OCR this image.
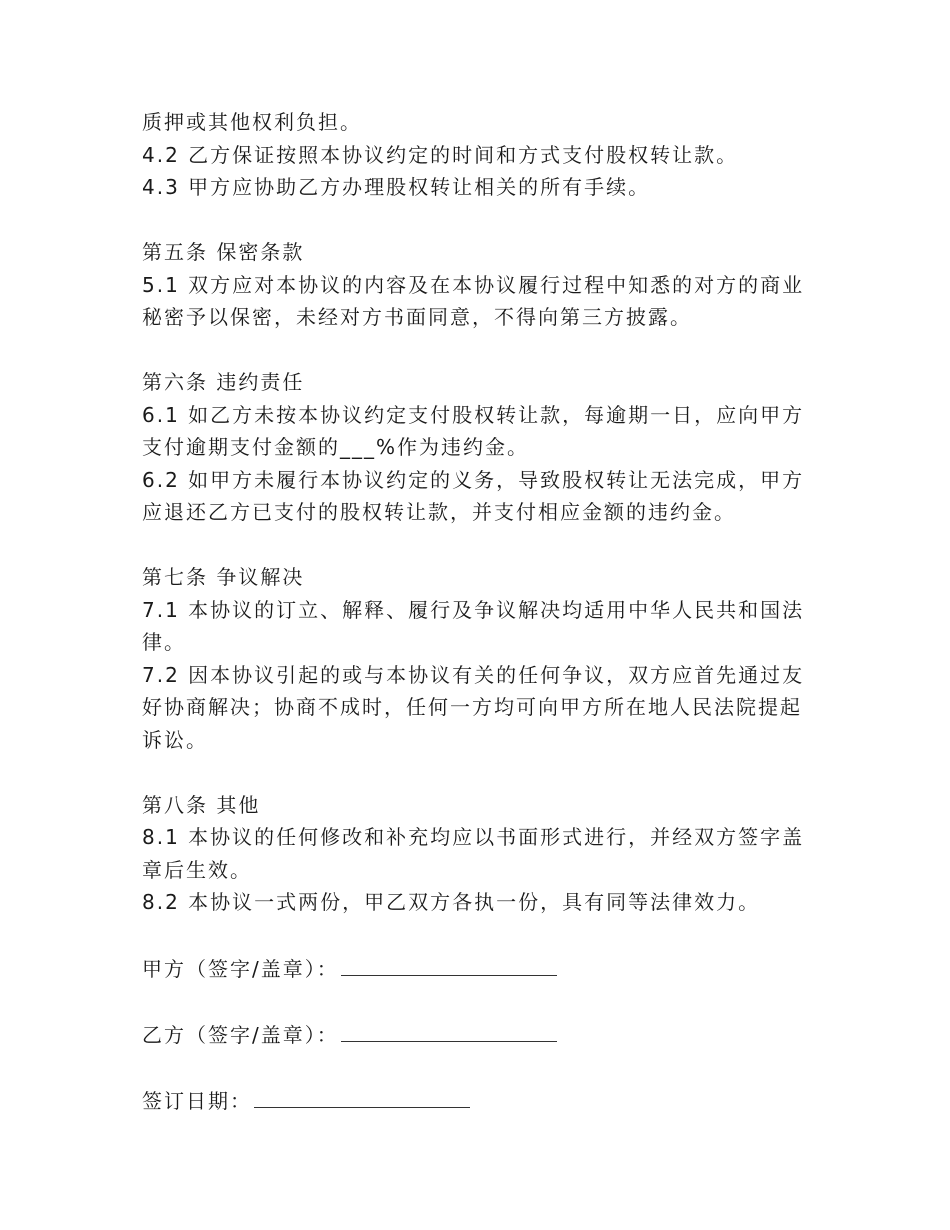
质押或其他权利负担。
4.2 乙方保证按照本协议约定的时间和方式支付股权转让款。
4.3 甲方应协助乙方办理股权转让相关的所有手续。
第五条 保密条款
5.1 双方应对本协议的内容及在本协议履行过程中知悉的对方的商业
秘密予以保密，未经对方书面同意，不得向第三方披露。
第六条 违约责任
6.1 如乙方未按本协议约定支付股权转让款，每逾期一日，应向甲方
支付逾期支付金额的___%作为违约金。
6.2 如甲方未履行本协议约定的义务，导致股权转让无法完成，甲方
应退还乙方已支付的股权转让款，并支付相应金额的违约金。
第七条 争议解决
7.1 本协议的订立、解释、履行及争议解决均适用中华人民共和国法
律。
7.2 因本协议引起的或与本协议有关的任何争议，双方应首先通过友
好协商解决；协商不成时，任何一方均可向甲方所在地人民法院提起
诉讼。
第八条 其他
8.1 本协议的任何修改和补充均应以书面形式进行，并经双方签字盖
章后生效。
8.2 本协议一式两份，甲乙双方各执一份，具有同等法律效力。
甲方（签字/盖章）：
乙方（签字/盖章）：
签订日期：
